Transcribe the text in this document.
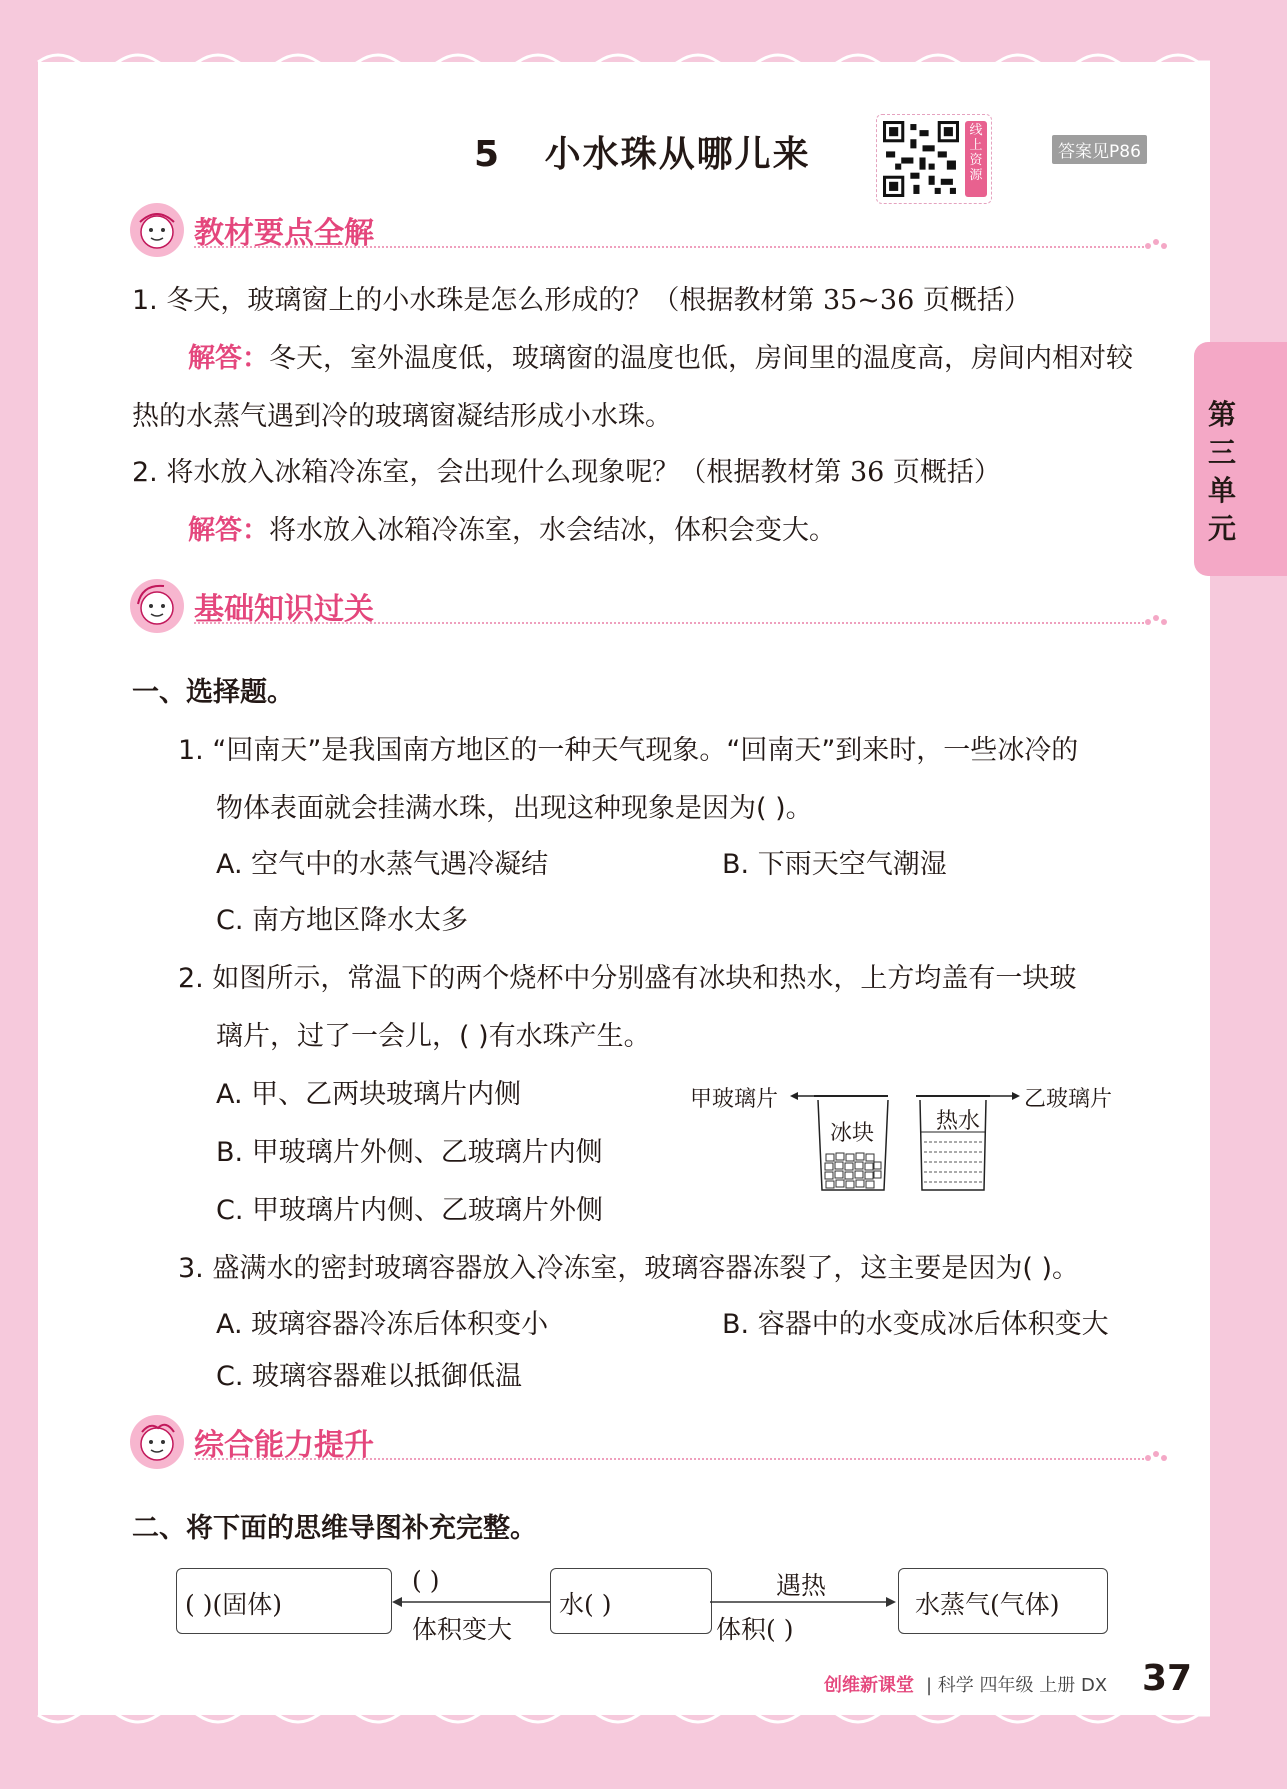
第三单元
5 小水珠从哪儿来
线上资源
答案见P86
教材要点全解
1. 冬天，玻璃窗上的小水珠是怎么形成的？（根据教材第 35~36 页概括）
解答：冬天，室外温度低，玻璃窗的温度也低，房间里的温度高，房间内相对较
热的水蒸气遇到冷的玻璃窗凝结形成小水珠。
2. 将水放入冰箱冷冻室，会出现什么现象呢？（根据教材第 36 页概括）
解答：将水放入冰箱冷冻室，水会结冰，体积会变大。
基础知识过关
一、选择题。
1. “回南天”是我国南方地区的一种天气现象。“回南天”到来时，一些冰冷的
物体表面就会挂满水珠，出现这种现象是因为( )。
A. 空气中的水蒸气遇冷凝结	B. 下雨天空气潮湿
C. 南方地区降水太多
2. 如图所示，常温下的两个烧杯中分别盛有冰块和热水，上方均盖有一块玻
璃片，过了一会儿，( )有水珠产生。
A. 甲、乙两块玻璃片内侧
B. 甲玻璃片外侧、乙玻璃片内侧
C. 甲玻璃片内侧、乙玻璃片外侧
甲玻璃片	乙玻璃片
冰块	热水
3. 盛满水的密封玻璃容器放入冷冻室，玻璃容器冻裂了，这主要是因为( )。
A. 玻璃容器冷冻后体积变小	B. 容器中的水变成冰后体积变大
C. 玻璃容器难以抵御低温
综合能力提升
二、将下面的思维导图补充完整。
( )(固体)
( )
体积变大
水( )
遇热
体积( )
水蒸气(气体)
创维新课堂 | 科学 四年级 上册 DX 37
